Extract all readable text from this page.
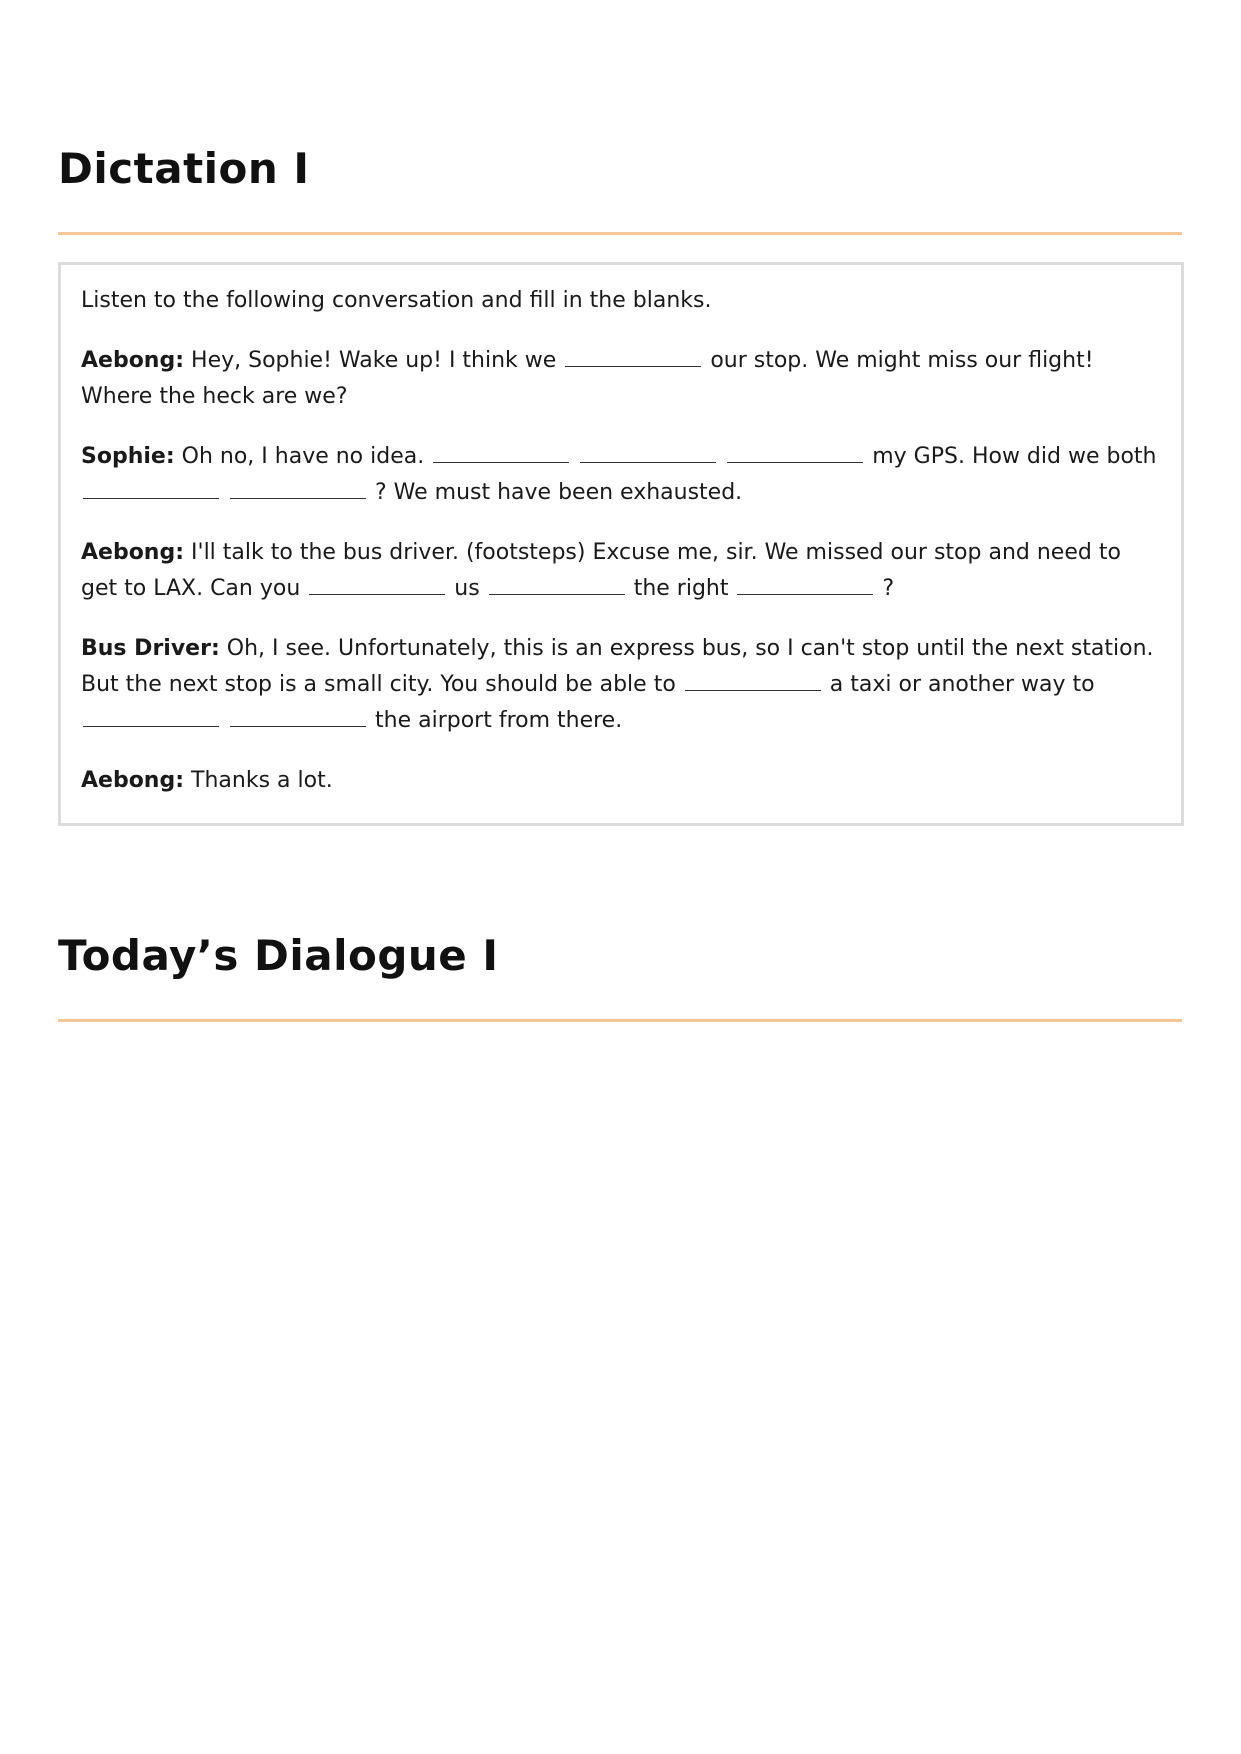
Dictation I

Listen to the following conversation and fill in the blanks.

Aebong: Hey, Sophie! Wake up! I think we	our stop. We might miss our flight! Where the heck are we?

Sophie: Oh no, I have no idea.	my GPS. How did we both   ? We must have been exhausted.

Aebong: I'll talk to the bus driver. (footsteps) Excuse me, sir. We missed our stop and need to get to LAX. Can you	us	the right	?

Bus Driver: Oh, I see. Unfortunately, this is an express bus, so I can't stop until the next station. But the next stop is a small city. You should be able to	a taxi or another way to   the airport from there.

Aebong: Thanks a lot.

Today’s Dialogue I
